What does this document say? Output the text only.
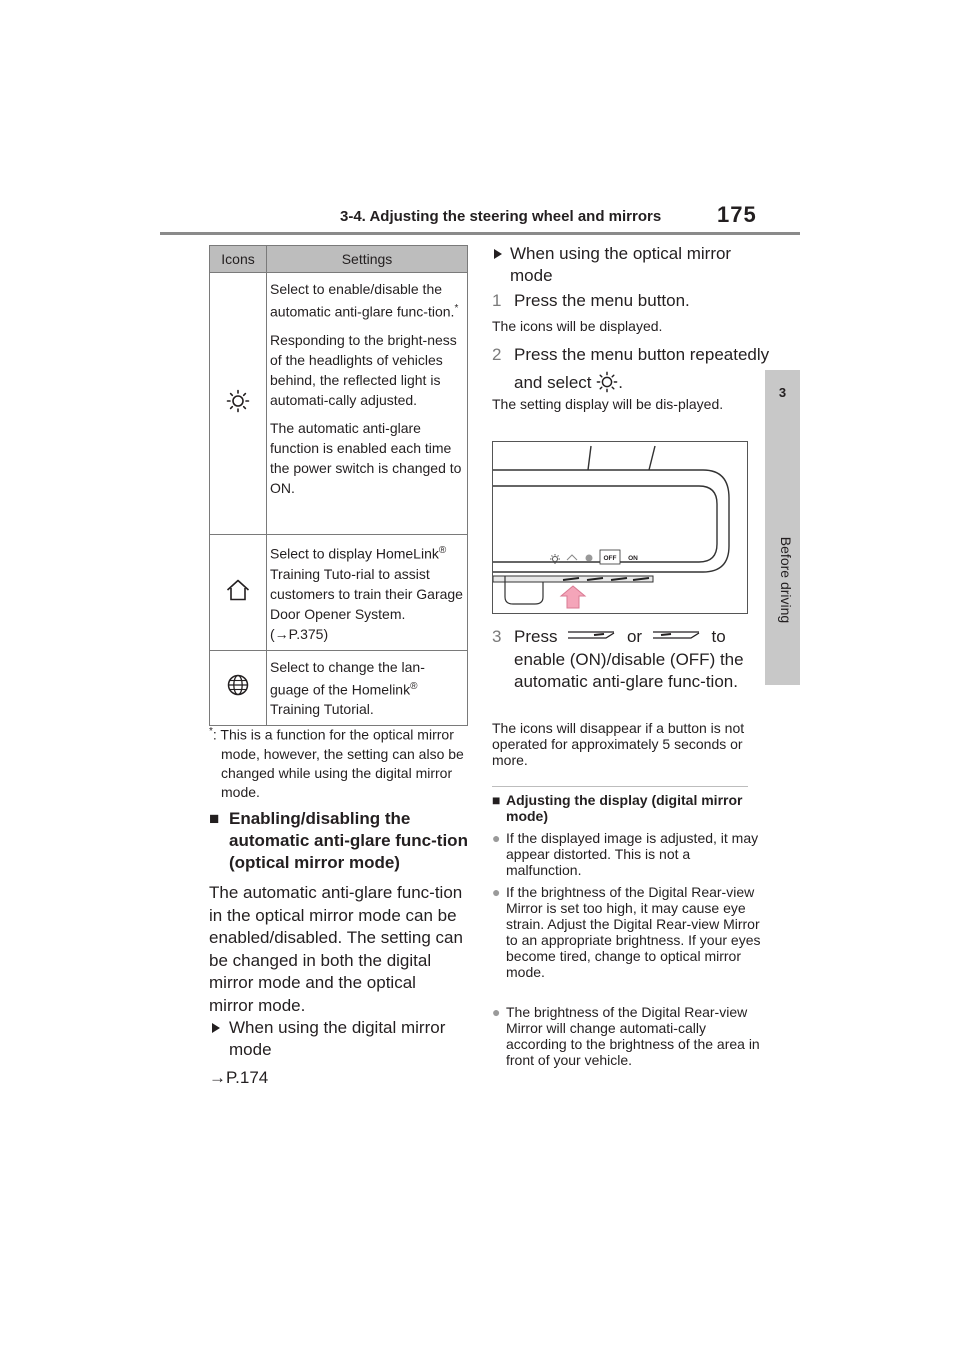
3-4. Adjusting the steering wheel and mirrors	175
3
Before driving
Icons	Settings

Select to enable/disable the automatic anti-glare func-tion.*

Responding to the bright-ness of the headlights of vehicles behind, the reflected light is automati-cally adjusted.

The automatic anti-glare function is enabled each time the power switch is changed to ON.

Select to display HomeLink® Training Tuto-rial to assist customers to train their Garage Door Opener System. (→P.375)

Select to change the lan-guage of the Homelink® Training Tutorial.

*: This is a function for the optical mirror mode, however, the setting can also be changed while using the digital mirror mode.
■ Enabling/disabling the automatic anti-glare func-tion (optical mirror mode)
The automatic anti-glare func-tion in the optical mirror mode can be enabled/disabled. The setting can be changed in both the digital mirror mode and the optical mirror mode.
When using the digital mirror mode
→P.174
When using the optical mirror mode
1 Press the menu button.
The icons will be displayed.
2 Press the menu button repeatedly and select .
The setting display will be dis-played.
OFF ON
3 Press	or	to enable (ON)/disable (OFF) the automatic anti-glare func-tion.
The icons will disappear if a button is not operated for approximately 5 seconds or more.
■ Adjusting the display (digital mirror mode)
● If the displayed image is adjusted, it may appear distorted. This is not a malfunction.
● If the brightness of the Digital Rear-view Mirror is set too high, it may cause eye strain. Adjust the Digital Rear-view Mirror to an appropriate brightness. If your eyes become tired, change to optical mirror mode.
● The brightness of the Digital Rear-view Mirror will change automati-cally according to the brightness of the area in front of your vehicle.
